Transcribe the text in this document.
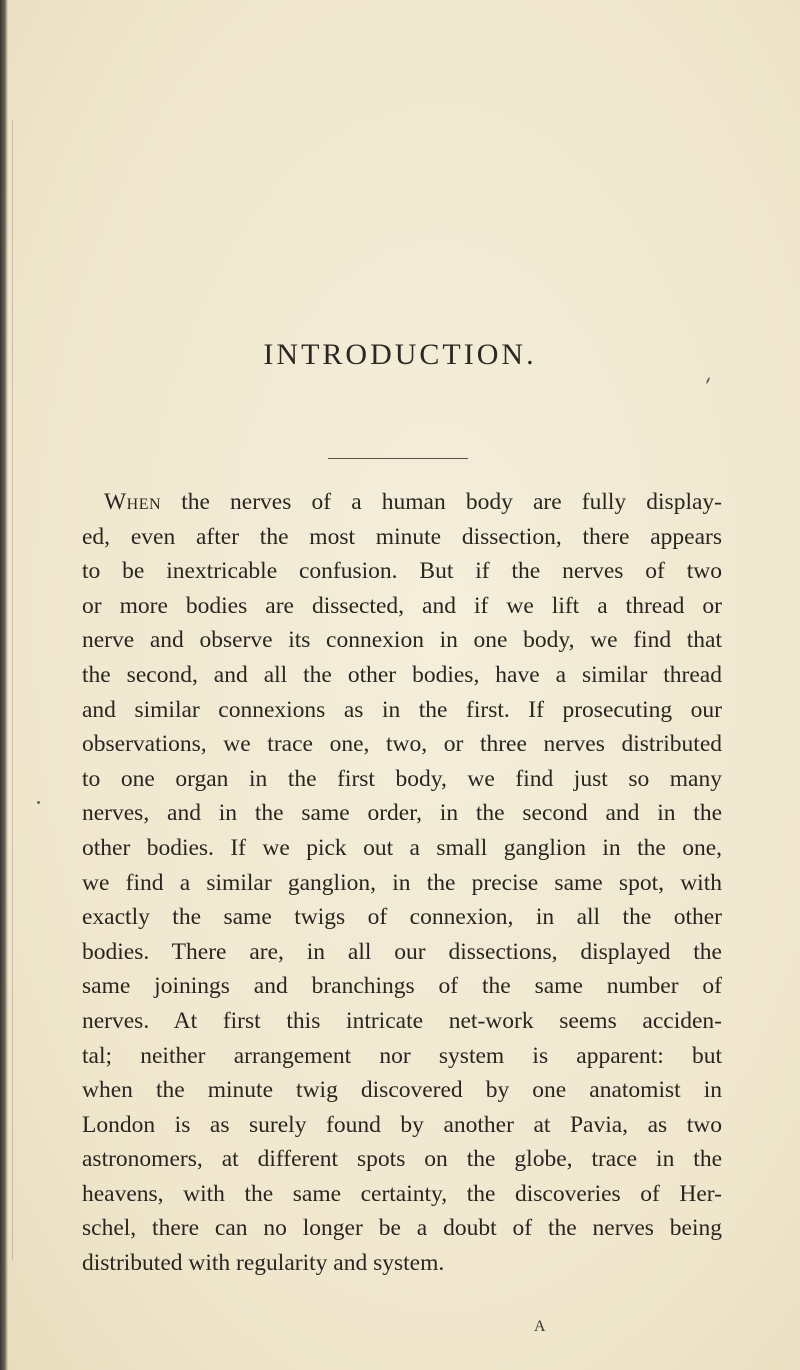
INTRODUCTION.
When the nerves of a human body are fully display-
ed, even after the most minute dissection, there appears
to be inextricable confusion. But if the nerves of two
or more bodies are dissected, and if we lift a thread or
nerve and observe its connexion in one body, we find that
the second, and all the other bodies, have a similar thread
and similar connexions as in the first. If prosecuting our
observations, we trace one, two, or three nerves distributed
to one organ in the first body, we find just so many
nerves, and in the same order, in the second and in the
other bodies. If we pick out a small ganglion in the one,
we find a similar ganglion, in the precise same spot, with
exactly the same twigs of connexion, in all the other
bodies. There are, in all our dissections, displayed the
same joinings and branchings of the same number of
nerves. At first this intricate net-work seems acciden-
tal; neither arrangement nor system is apparent: but
when the minute twig discovered by one anatomist in
London is as surely found by another at Pavia, as two
astronomers, at different spots on the globe, trace in the
heavens, with the same certainty, the discoveries of Her-
schel, there can no longer be a doubt of the nerves being
distributed with regularity and system.
A
